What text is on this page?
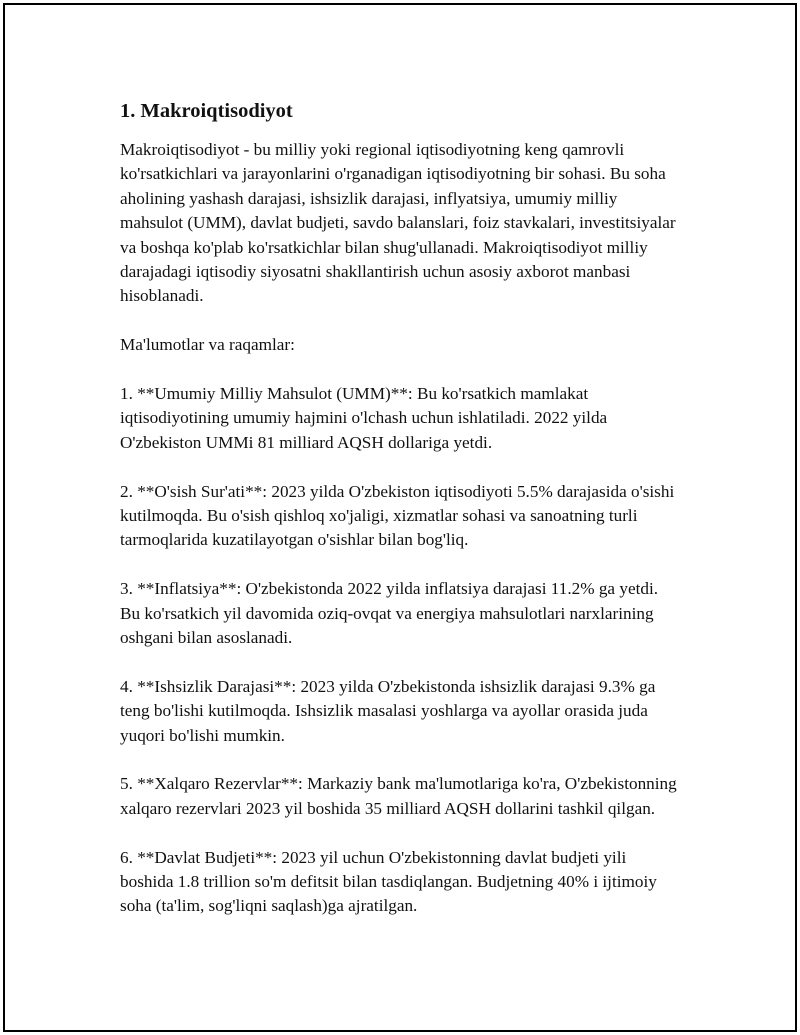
1. Makroiqtisodiyot

Makroiqtisodiyot - bu milliy yoki regional iqtisodiyotning keng qamrovli ko'rsatkichlari va jarayonlarini o'rganadigan iqtisodiyotning bir sohasi. Bu soha aholining yashash darajasi, ishsizlik darajasi, inflyatsiya, umumiy milliy mahsulot (UMM), davlat budjeti, savdo balanslari, foiz stavkalari, investitsiyalar va boshqa ko'plab ko'rsatkichlar bilan shug'ullanadi. Makroiqtisodiyot milliy darajadagi iqtisodiy siyosatni shakllantirish uchun asosiy axborot manbasi hisoblanadi.

Ma'lumotlar va raqamlar:

1. **Umumiy Milliy Mahsulot (UMM)**: Bu ko'rsatkich mamlakat iqtisodiyotining umumiy hajmini o'lchash uchun ishlatiladi. 2022 yilda O'zbekiston UMMi 81 milliard AQSH dollariga yetdi.
2. **O'sish Sur'ati**: 2023 yilda O'zbekiston iqtisodiyoti 5.5% darajasida o'sishi kutilmoqda. Bu o'sish qishloq xo'jaligi, xizmatlar sohasi va sanoatning turli tarmoqlarida kuzatilayotgan o'sishlar bilan bog'liq.
3. **Inflatsiya**: O'zbekistonda 2022 yilda inflatsiya darajasi 11.2% ga yetdi. Bu ko'rsatkich yil davomida oziq-ovqat va energiya mahsulotlari narxlarining oshgani bilan asoslanadi.
4. **Ishsizlik Darajasi**: 2023 yilda O'zbekistonda ishsizlik darajasi 9.3% ga teng bo'lishi kutilmoqda. Ishsizlik masalasi yoshlarga va ayollar orasida juda yuqori bo'lishi mumkin.
5. **Xalqaro Rezervlar**: Markaziy bank ma'lumotlariga ko'ra, O'zbekistonning xalqaro rezervlari 2023 yil boshida 35 milliard AQSH dollarini tashkil qilgan.
6. **Davlat Budjeti**: 2023 yil uchun O'zbekistonning davlat budjeti yili boshida 1.8 trillion so'm defitsit bilan tasdiqlangan. Budjetning 40% i ijtimoiy soha (ta'lim, sog'liqni saqlash)ga ajratilgan.
